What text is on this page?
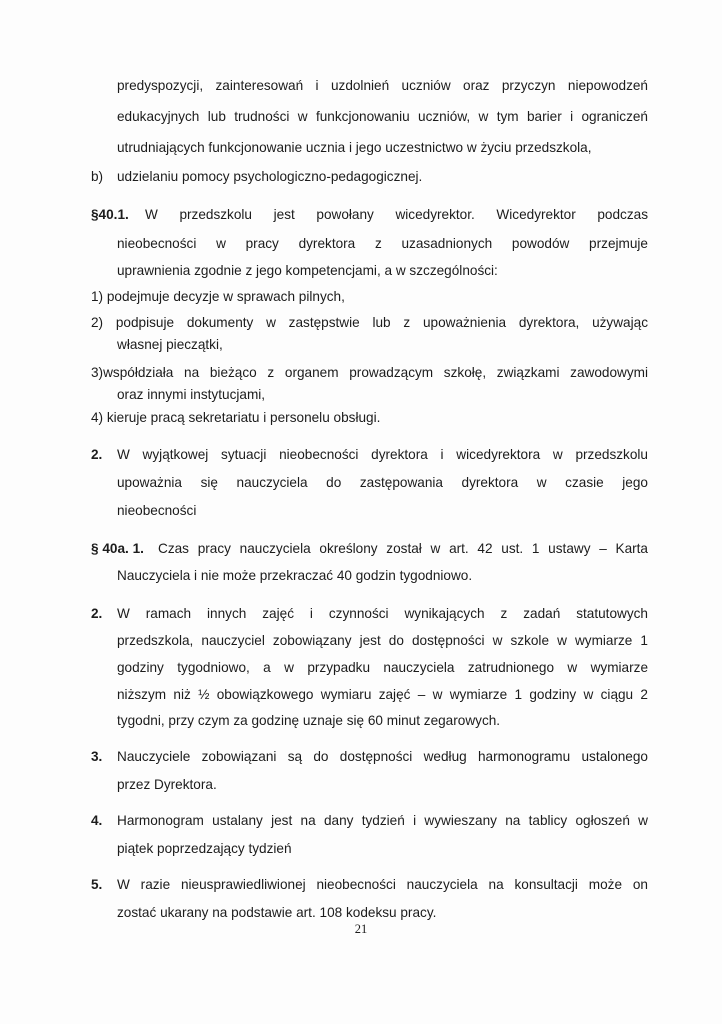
predyspozycji, zainteresowań i uzdolnień uczniów oraz przyczyn niepowodzeń
edukacyjnych lub trudności w funkcjonowaniu uczniów, w tym barier i ograniczeń
utrudniających funkcjonowanie ucznia i jego uczestnictwo w życiu przedszkola,
b) udzielaniu pomocy psychologiczno-pedagogicznej.
§40.1. W przedszkolu jest powołany wicedyrektor. Wicedyrektor podczas
nieobecności w pracy dyrektora z uzasadnionych powodów przejmuje
uprawnienia zgodnie z jego kompetencjami, a w szczególności:
1) podejmuje decyzje w sprawach pilnych,
2) podpisuje dokumenty w zastępstwie lub z upoważnienia dyrektora, używając
własnej pieczątki,
3)współdziała na bieżąco z organem prowadzącym szkołę, związkami zawodowymi
oraz innymi instytucjami,
4) kieruje pracą sekretariatu i personelu obsługi.
2. W wyjątkowej sytuacji nieobecności dyrektora i wicedyrektora w przedszkolu
upoważnia się nauczyciela do zastępowania dyrektora w czasie jego
nieobecności
§ 40a. 1. Czas pracy nauczyciela określony został w art. 42 ust. 1 ustawy – Karta
Nauczyciela i nie może przekraczać 40 godzin tygodniowo.
2. W ramach innych zajęć i czynności wynikających z zadań statutowych
przedszkola, nauczyciel zobowiązany jest do dostępności w szkole w wymiarze 1
godziny tygodniowo, a w przypadku nauczyciela zatrudnionego w wymiarze
niższym niż ½ obowiązkowego wymiaru zajęć – w wymiarze 1 godziny w ciągu 2
tygodni, przy czym za godzinę uznaje się 60 minut zegarowych.
3. Nauczyciele zobowiązani są do dostępności według harmonogramu ustalonego
przez Dyrektora.
4. Harmonogram ustalany jest na dany tydzień i wywieszany na tablicy ogłoszeń w
piątek poprzedzający tydzień
5. W razie nieusprawiedliwionej nieobecności nauczyciela na konsultacji może on
zostać ukarany na podstawie art. 108 kodeksu pracy.
21
